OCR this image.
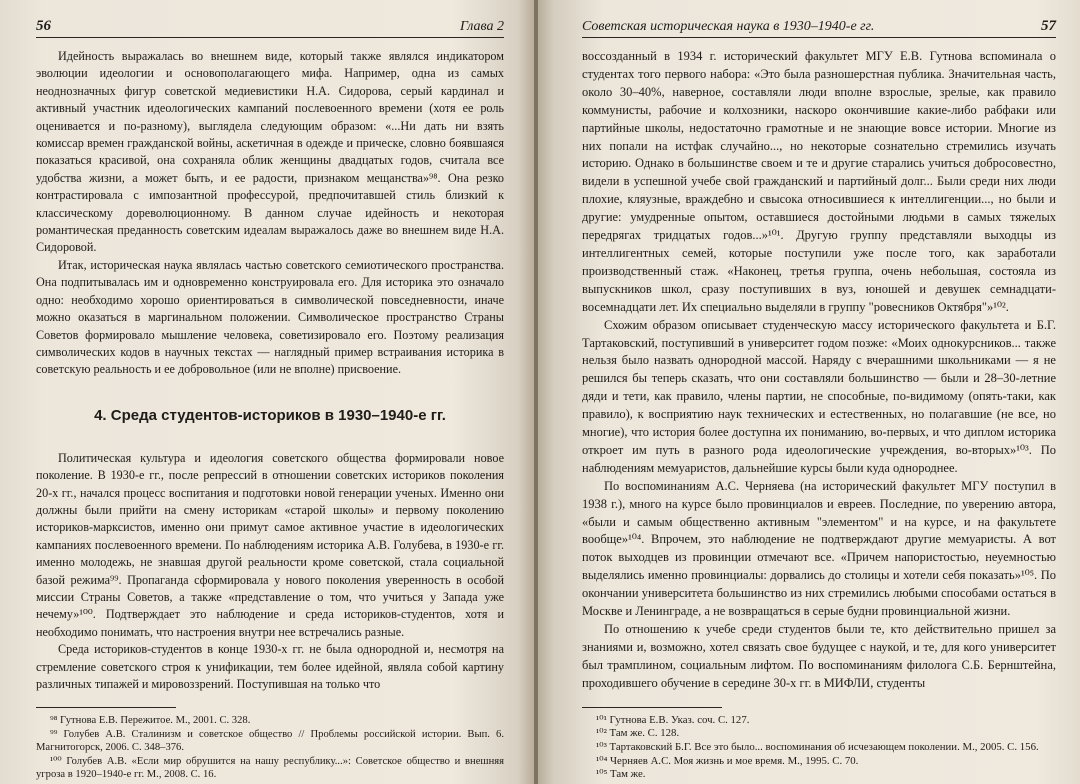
56	Глава 2

Идейность выражалась во внешнем виде, который также являлся индикатором эволюции идеологии и основополагающего мифа. Например, одна из самых неоднозначных фигур советской медиевистики Н.А. Сидорова, серый кардинал и активный участник идеологических кампаний послевоенного времени (хотя ее роль оценивается и по-разному), выглядела следующим образом: «...Ни дать ни взять комиссар времен гражданской войны, аскетичная в одежде и прическе, словно боявшаяся показаться красивой, она сохраняла облик женщины двадцатых годов, считала все удобства жизни, а может быть, и ее радости, признаком мещанства»⁹⁸. Она резко контрастировала с импозантной профессурой, предпочитавшей стиль близкий к классическому дореволюционному. В данном случае идейность и некоторая романтическая преданность советским идеалам выражалось даже во внешнем виде Н.А. Сидоровой.

Итак, историческая наука являлась частью советского семиотического пространства. Она подпитывалась им и одновременно конструировала его. Для историка это означало одно: необходимо хорошо ориентироваться в символической повседневности, иначе можно оказаться в маргинальном положении. Символическое пространство Страны Советов формировало мышление человека, советизировало его. Поэтому реализация символических кодов в научных текстах — наглядный пример встраивания историка в советскую реальность и ее добровольное (или не вполне) присвоение.

4. Среда студентов-историков в 1930–1940-е гг.

Политическая культура и идеология советского общества формировали новое поколение. В 1930-е гг., после репрессий в отношении советских историков поколения 20-х гг., начался процесс воспитания и подготовки новой генерации ученых. Именно они должны были прийти на смену историкам «старой школы» и первому поколению историков-марксистов, именно они примут самое активное участие в идеологических кампаниях послевоенного времени. По наблюдениям историка А.В. Голубева, в 1930-е гг. именно молодежь, не знавшая другой реальности кроме советской, стала социальной базой режима⁹⁹. Пропаганда сформировала у нового поколения уверенность в особой миссии Страны Советов, а также «представление о том, что учиться у Запада уже нечему»¹⁰⁰. Подтверждает это наблюдение и среда историков-студентов, хотя и необходимо понимать, что настроения внутри нее встречались разные.

Среда историков-студентов в конце 1930-х гг. не была однородной и, несмотря на стремление советского строя к унификации, тем более идейной, являла собой картину различных типажей и мировоззрений. Поступившая на только что

⁹⁸ Гутнова Е.В. Пережитое. М., 2001. С. 328.

⁹⁹ Голубев А.В. Сталинизм и советское общество // Проблемы российской истории. Вып. 6. Магнитогорск, 2006. С. 348–376.

¹⁰⁰ Голубев А.В. «Если мир обрушится на нашу республику...»: Советское общество и внешняя угроза в 1920–1940-е гг. М., 2008. С. 16.

Советская историческая наука в 1930–1940-е гг.	57

воссозданный в 1934 г. исторический факультет МГУ Е.В. Гутнова вспоминала о студентах того первого набора: «Это была разношерстная публика. Значительная часть, около 30–40%, наверное, составляли люди вполне взрослые, зрелые, как правило коммунисты, рабочие и колхозники, наскоро окончившие какие-либо рабфаки или партийные школы, недостаточно грамотные и не знающие вовсе истории. Многие из них попали на истфак случайно..., но некоторые сознательно стремились изучать историю. Однако в большинстве своем и те и другие старались учиться добросовестно, видели в успешной учебе свой гражданский и партийный долг... Были среди них люди плохие, кляузные, враждебно и свысока относившиеся к интеллигенции..., но были и другие: умудренные опытом, оставшиеся достойными людьми в самых тяжелых передрягах тридцатых годов...»¹⁰¹. Другую группу представляли выходцы из интеллигентных семей, которые поступили уже после того, как заработали производственный стаж. «Наконец, третья группа, очень небольшая, состояла из выпускников школ, сразу поступивших в вуз, юношей и девушек семнадцати-восемнадцати лет. Их специально выделяли в группу "ровесников Октября"»¹⁰².

Схожим образом описывает студенческую массу исторического факультета и Б.Г. Тартаковский, поступивший в университет годом позже: «Моих однокурсников... также нельзя было назвать однородной массой. Наряду с вчерашними школьниками — я не решился бы теперь сказать, что они составляли большинство — были и 28–30-летние дяди и тети, как правило, члены партии, не способные, по-видимому (опять-таки, как правило), к восприятию наук технических и естественных, но полагавшие (не все, но многие), что история более доступна их пониманию, во-первых, и что диплом историка откроет им путь в разного рода идеологические учреждения, во-вторых»¹⁰³. По наблюдениям мемуаристов, дальнейшие курсы были куда однороднее.

По воспоминаниям А.С. Черняева (на исторический факультет МГУ поступил в 1938 г.), много на курсе было провинциалов и евреев. Последние, по уверению автора, «были и самым общественно активным "элементом" и на курсе, и на факультете вообще»¹⁰⁴. Впрочем, это наблюдение не подтверждают другие мемуаристы. А вот поток выходцев из провинции отмечают все. «Причем напористостью, неуемностью выделялись именно провинциалы: дорвались до столицы и хотели себя показать»¹⁰⁵. По окончании университета большинство из них стремились любыми способами остаться в Москве и Ленинграде, а не возвращаться в серые будни провинциальной жизни.

По отношению к учебе среди студентов были те, кто действительно пришел за знаниями и, возможно, хотел связать свое будущее с наукой, и те, для кого университет был трамплином, социальным лифтом. По воспоминаниям филолога С.Б. Бернштейна, проходившего обучение в середине 30-х гг. в МИФЛИ, студенты

¹⁰¹ Гутнова Е.В. Указ. соч. С. 127.

¹⁰² Там же. С. 128.

¹⁰³ Тартаковский Б.Г. Все это было... воспоминания об исчезающем поколении. М., 2005. С. 156.

¹⁰⁴ Черняев А.С. Моя жизнь и мое время. М., 1995. С. 70.

¹⁰⁵ Там же.
